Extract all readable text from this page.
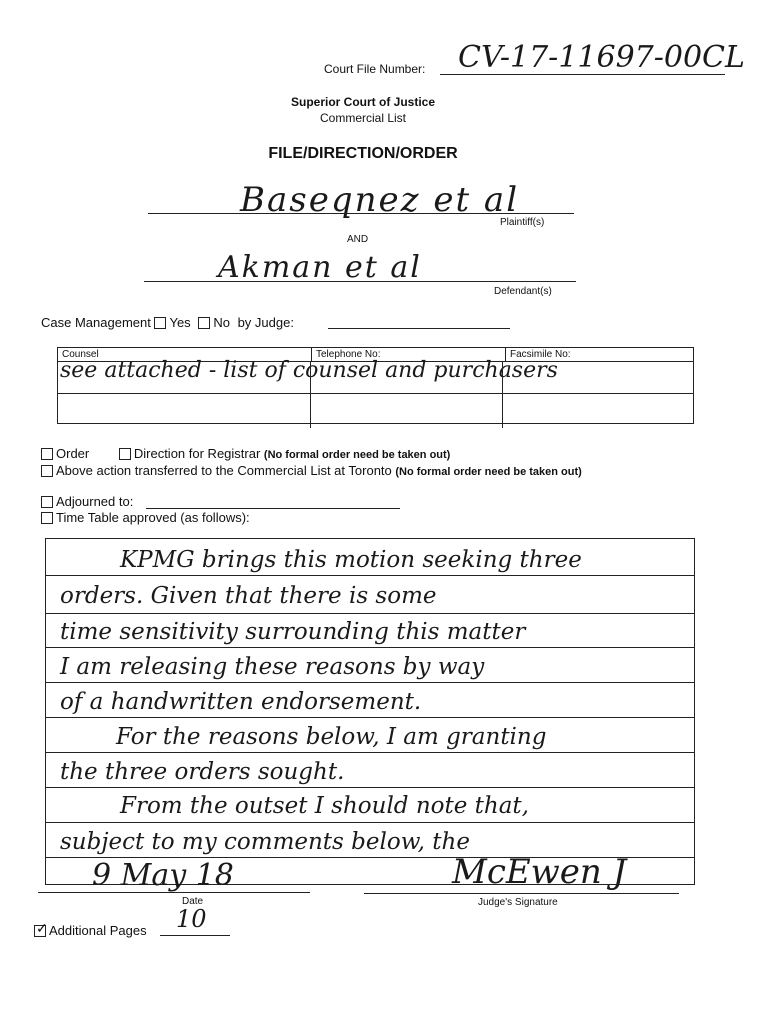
Court File Number: CV-17-11697-00CL
Superior Court of Justice
Commercial List
FILE/DIRECTION/ORDER
Baseqnez et al
Plaintiff(s)
AND
Akman et al
Defendant(s)
Case Management Yes No by Judge:
Counsel	Telephone No:	Facsimile No:

see attached - list of counsel and purchasers

Order	Direction for Registrar (No formal order need be taken out)
Above action transferred to the Commercial List at Toronto (No formal order need be taken out)
Adjourned to:
Time Table approved (as follows):
KPMG brings this motion seeking three
orders. Given that there is some
time sensitivity surrounding this matter
I am releasing these reasons by way
of a handwritten endorsement.
For the reasons below, I am granting
the three orders sought.
From the outset I should note that,
subject to my comments below, the
9 May 18
Date
McEwen J
Judge's Signature
✓ Additional Pages 10
